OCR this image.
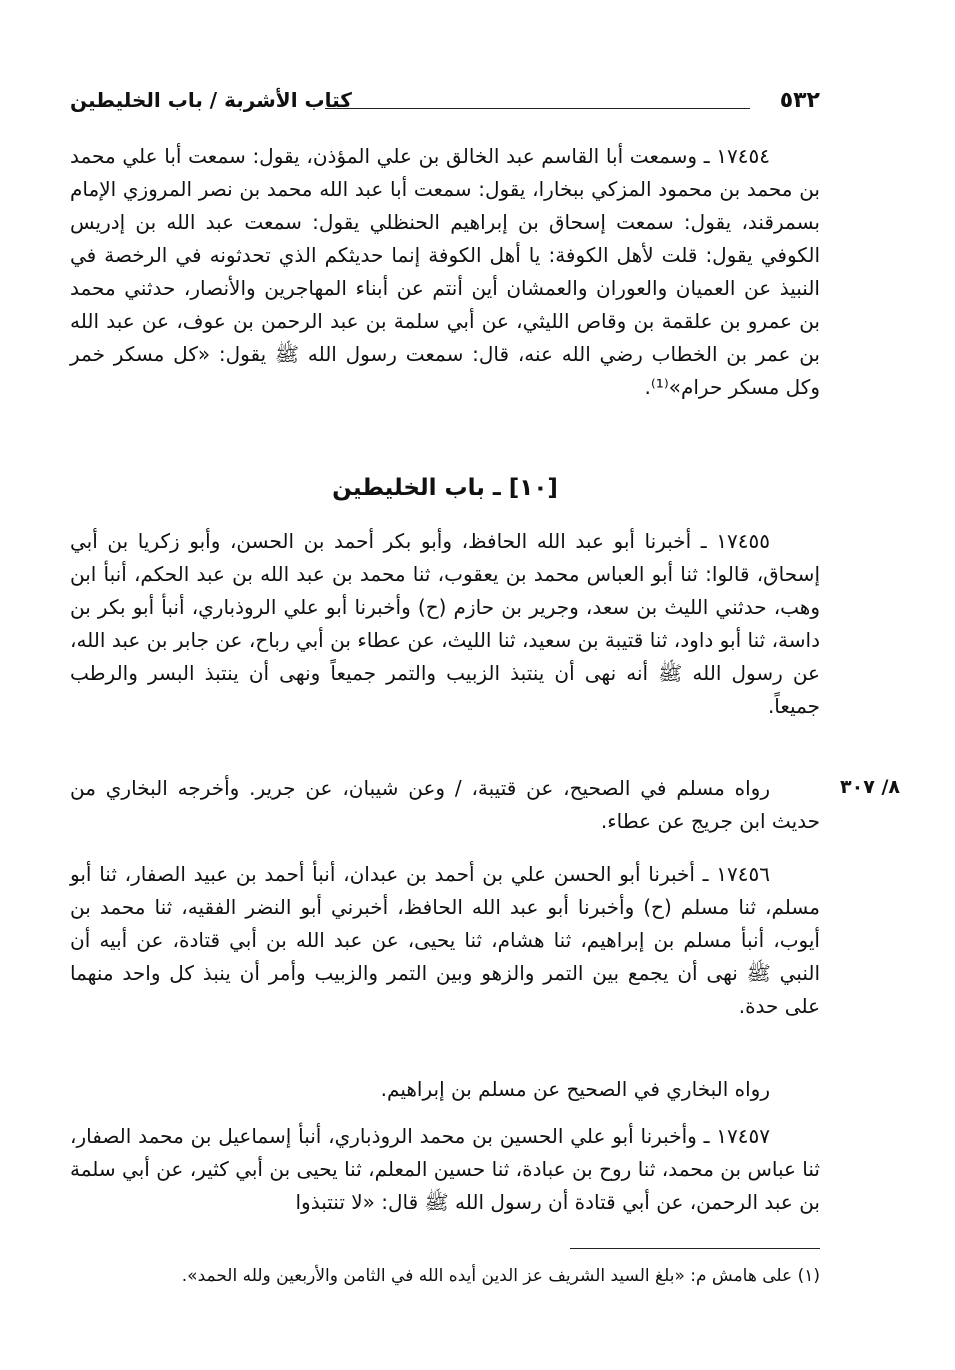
٥٣٢
كتاب الأشربة / باب الخليطين

١٧٤٥٤ ـ وسمعت أبا القاسم عبد الخالق بن علي المؤذن، يقول: سمعت أبا علي محمد بن محمد بن محمود المزكي ببخارا، يقول: سمعت أبا عبد الله محمد بن نصر المروزي الإمام بسمرقند، يقول: سمعت إسحاق بن إبراهيم الحنظلي يقول: سمعت عبد الله بن إدريس الكوفي يقول: قلت لأهل الكوفة: يا أهل الكوفة إنما حديثكم الذي تحدثونه في الرخصة في النبيذ عن العميان والعوران والعمشان أين أنتم عن أبناء المهاجرين والأنصار، حدثني محمد بن عمرو بن علقمة بن وقاص الليثي، عن أبي سلمة بن عبد الرحمن بن عوف، عن عبد الله بن عمر بن الخطاب رضي الله عنه، قال: سمعت رسول الله ﷺ يقول: «كل مسكر خمر وكل مسكر حرام»⁽¹⁾.

[١٠] ـ باب الخليطين

١٧٤٥٥ ـ أخبرنا أبو عبد الله الحافظ، وأبو بكر أحمد بن الحسن، وأبو زكريا بن أبي إسحاق، قالوا: ثنا أبو العباس محمد بن يعقوب، ثنا محمد بن عبد الله بن عبد الحكم، أنبأ ابن وهب، حدثني الليث بن سعد، وجرير بن حازم (ح) وأخبرنا أبو علي الروذباري، أنبأ أبو بكر بن داسة، ثنا أبو داود، ثنا قتيبة بن سعيد، ثنا الليث، عن عطاء بن أبي رباح، عن جابر بن عبد الله، عن رسول الله ﷺ أنه نهى أن ينتبذ الزبيب والتمر جميعاً ونهى أن ينتبذ البسر والرطب جميعاً.

٨/ ٣٠٧

رواه مسلم في الصحيح، عن قتيبة، / وعن شيبان، عن جرير. وأخرجه البخاري من حديث ابن جريج عن عطاء.

١٧٤٥٦ ـ أخبرنا أبو الحسن علي بن أحمد بن عبدان، أنبأ أحمد بن عبيد الصفار، ثنا أبو مسلم، ثنا مسلم (ح) وأخبرنا أبو عبد الله الحافظ، أخبرني أبو النضر الفقيه، ثنا محمد بن أيوب، أنبأ مسلم بن إبراهيم، ثنا هشام، ثنا يحيى، عن عبد الله بن أبي قتادة، عن أبيه أن النبي ﷺ نهى أن يجمع بين التمر والزهو وبين التمر والزبيب وأمر أن ينبذ كل واحد منهما على حدة.

رواه البخاري في الصحيح عن مسلم بن إبراهيم.

١٧٤٥٧ ـ وأخبرنا أبو علي الحسين بن محمد الروذباري، أنبأ إسماعيل بن محمد الصفار، ثنا عباس بن محمد، ثنا روح بن عبادة، ثنا حسين المعلم، ثنا يحيى بن أبي كثير، عن أبي سلمة بن عبد الرحمن، عن أبي قتادة أن رسول الله ﷺ قال: «لا تنتبذوا

(١) على هامش م: «بلغ السيد الشريف عز الدين أيده الله في الثامن والأربعين ولله الحمد».
